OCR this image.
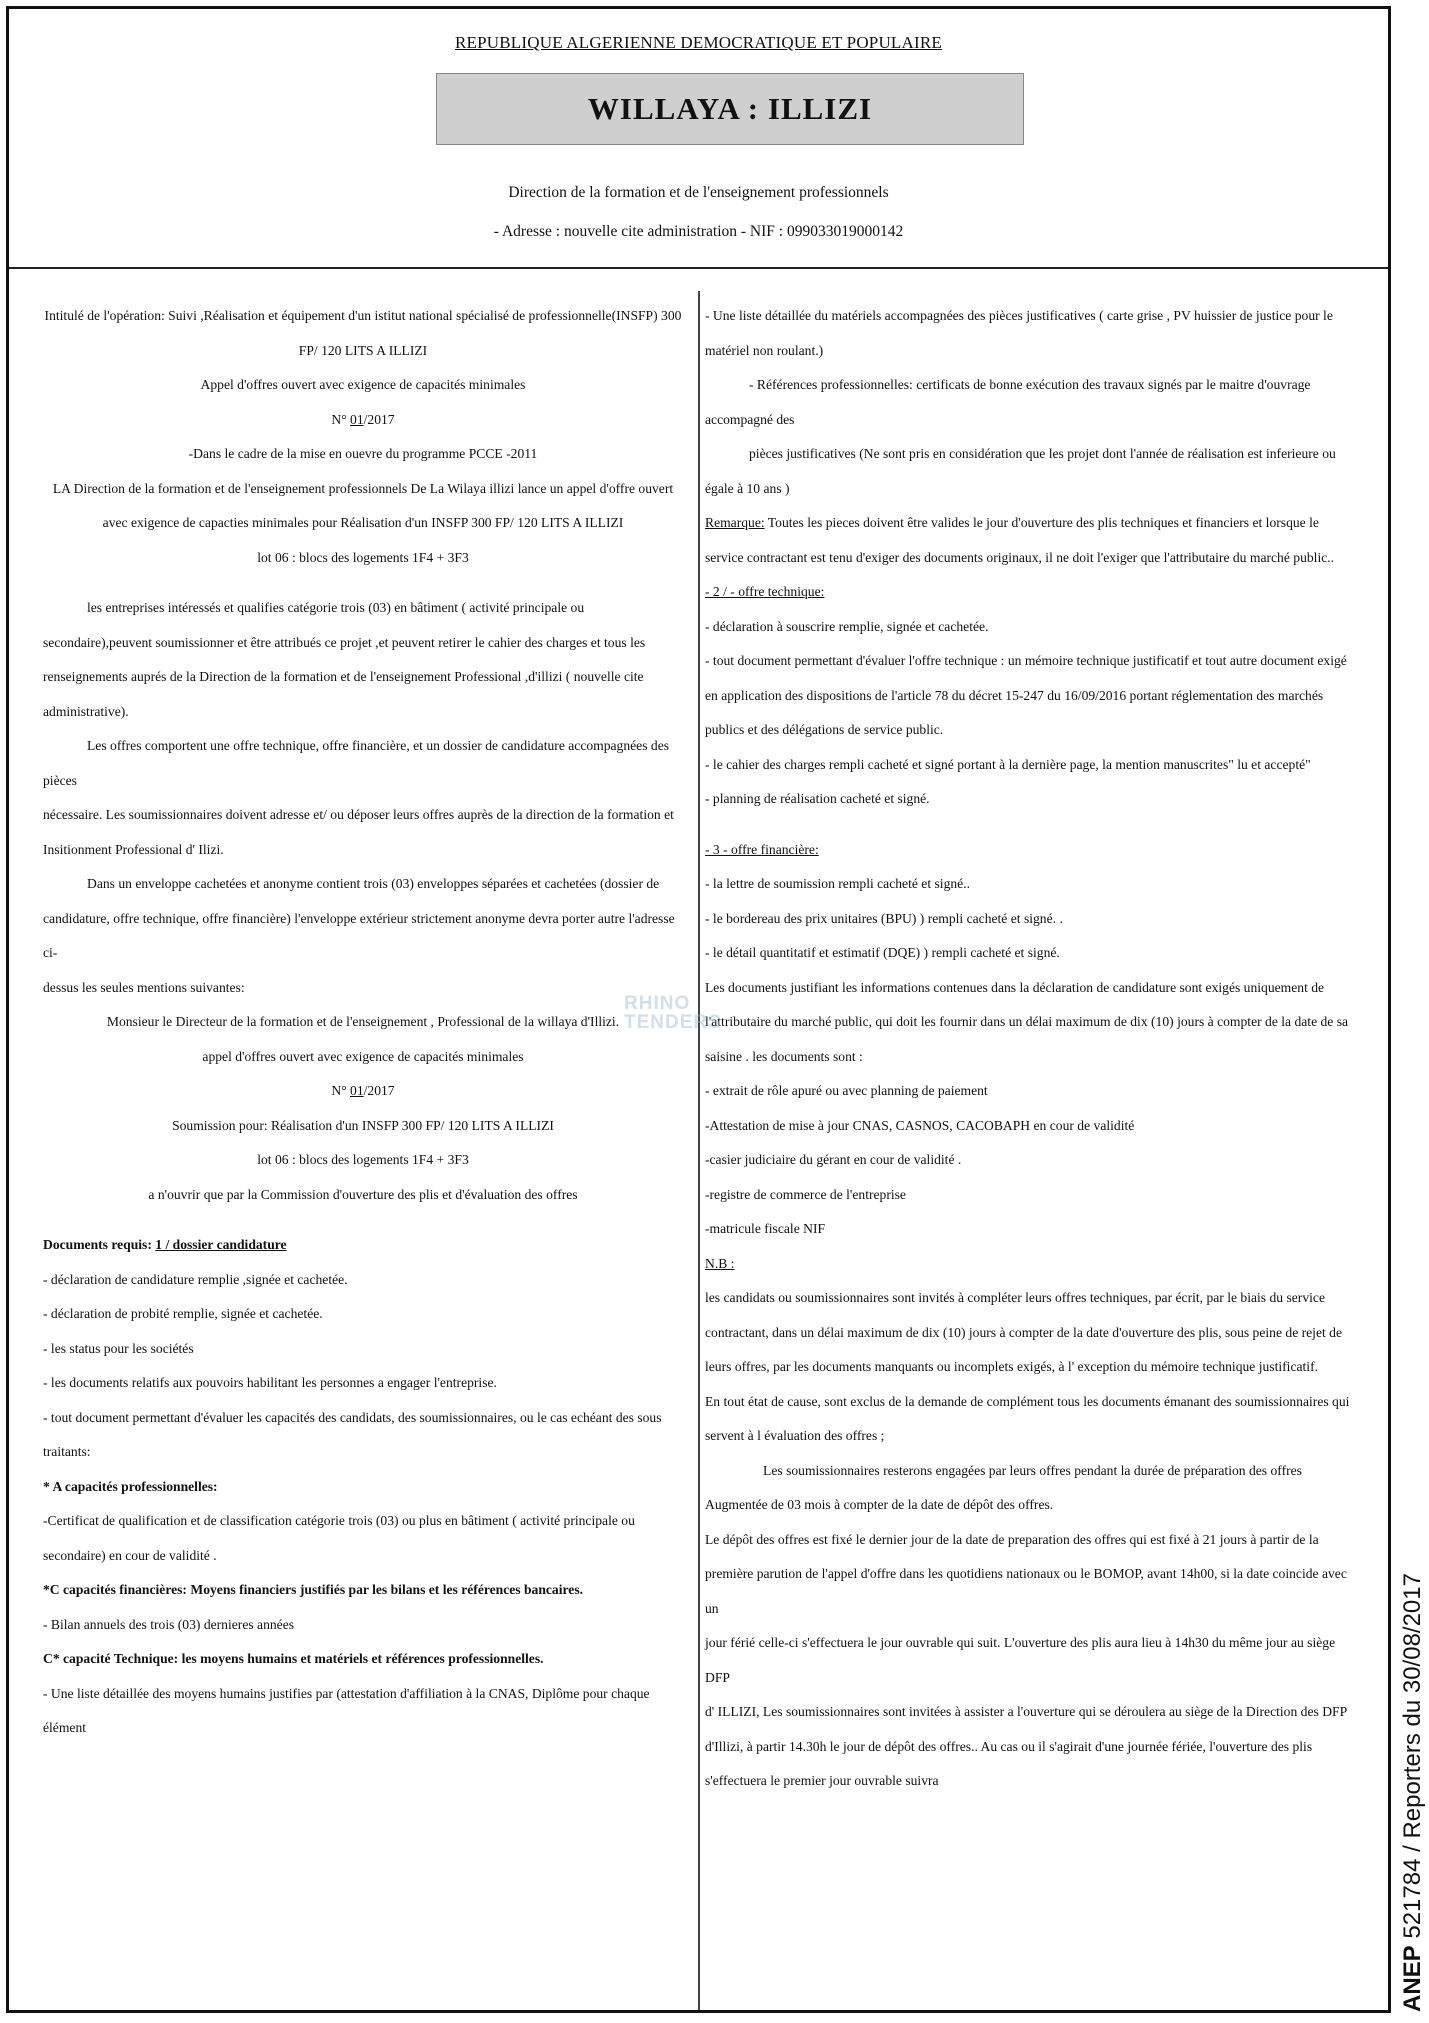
REPUBLIQUE ALGERIENNE DEMOCRATIQUE ET POPULAIRE
WILLAYA : ILLIZI
Direction de la formation et de l'enseignement professionnels
- Adresse : nouvelle cite administration - NIF : 099033019000142

Intitulé de l'opération: Suivi ,Réalisation et équipement d'un istitut national spécialisé de professionnelle(INSFP) 300

FP/ 120 LITS A ILLIZI

Appel d'offres ouvert avec exigence de capacités minimales

N° 01/2017

-Dans le cadre de la mise en ouevre du programme PCCE -2011

LA Direction de la formation et de l'enseignement professionnels De La Wilaya illizi lance un appel d'offre ouvert

avec exigence de capacties minimales pour Réalisation d'un INSFP 300 FP/ 120 LITS A ILLIZI

lot 06 : blocs des logements 1F4 + 3F3

les entreprises intéressés et qualifies catégorie trois (03) en bâtiment ( activité principale ou

secondaire),peuvent soumissionner et être attribués ce projet ,et peuvent retirer le cahier des charges et tous les

renseignements auprés de la Direction de la formation et de l'enseignement Professional ,d'illizi ( nouvelle cite

administrative).

Les offres comportent une offre technique, offre financière, et un dossier de candidature accompagnées des pièces

nécessaire. Les soumissionnaires doivent adresse et/ ou déposer leurs offres auprès de la direction de la formation et

Insitionment Professional d' Ilizi.

Dans un enveloppe cachetées et anonyme contient trois (03) enveloppes séparées et cachetées (dossier de

candidature, offre technique, offre financière) l'enveloppe extérieur strictement anonyme devra porter autre l'adresse ci-

dessus les seules mentions suivantes:

Monsieur le Directeur de la formation et de l'enseignement , Professional de la willaya d'Illizi.

appel d'offres ouvert avec exigence de capacités minimales

N° 01/2017

Soumission pour: Réalisation d'un INSFP 300 FP/ 120 LITS A ILLIZI

lot 06 : blocs des logements 1F4 + 3F3

a n'ouvrir que par la Commission d'ouverture des plis et d'évaluation des offres

Documents requis: 1 / dossier candidature

- déclaration de candidature remplie ,signée et cachetée.

- déclaration de probité remplie, signée et cachetée.

- les status pour les sociétés

- les documents relatifs aux pouvoirs habilitant les personnes a engager l'entreprise.

- tout document permettant d'évaluer les capacités des candidats, des soumissionnaires, ou le cas echéant des sous

traitants:

* A capacités professionnelles:

-Certificat de qualification et de classification catégorie trois (03) ou plus en bâtiment ( activité principale ou

secondaire) en cour de validité .

*C capacités financières: Moyens financiers justifiés par les bilans et les références bancaires.

- Bilan annuels des trois (03) dernieres années

C* capacité Technique: les moyens humains et matériels et références professionnelles.

- Une liste détaillée des moyens humains justifies par (attestation d'affiliation à la CNAS, Diplôme pour chaque élément

- Une liste détaillée du matériels accompagnées des pièces justificatives ( carte grise , PV huissier de justice pour le

matériel non roulant.)

- Références professionnelles: certificats de bonne exécution des travaux signés par le maitre d'ouvrage accompagné des

pièces justificatives (Ne sont pris en considération que les projet dont l'année de réalisation est inferieure ou égale à 10 ans )

Remarque: Toutes les pieces doivent être valides le jour d'ouverture des plis techniques et financiers et lorsque le

service contractant est tenu d'exiger des documents originaux, il ne doit l'exiger que l'attributaire du marché public..

- 2 / - offre technique:

- déclaration à souscrire remplie, signée et cachetée.

- tout document permettant d'évaluer l'offre technique : un mémoire technique justificatif et tout autre document exigé

en application des dispositions de l'article 78 du décret 15-247 du 16/09/2016 portant réglementation des marchés

publics et des délégations de service public.

- le cahier des charges rempli cacheté et signé portant à la dernière page, la mention manuscrites" lu et accepté"

- planning de réalisation cacheté et signé.

- 3 - offre financière:

- la lettre de soumission rempli cacheté et signé..

- le bordereau des prix unitaires (BPU) ) rempli cacheté et signé. .

- le détail quantitatif et estimatif (DQE) ) rempli cacheté et signé.

Les documents justifiant les informations contenues dans la déclaration de candidature sont exigés uniquement de

l'attributaire du marché public, qui doit les fournir dans un délai maximum de dix (10) jours à compter de la date de sa

saisine . les documents sont :

- extrait de rôle apuré ou avec planning de paiement

-Attestation de mise à jour CNAS, CASNOS, CACOBAPH en cour de validité

-casier judiciaire du gérant en cour de validité .

-registre de commerce de l'entreprise

-matricule fiscale NIF

N.B :

les candidats ou soumissionnaires sont invités à compléter leurs offres techniques, par écrit, par le biais du service

contractant, dans un délai maximum de dix (10) jours à compter de la date d'ouverture des plis, sous peine de rejet de

leurs offres, par les documents manquants ou incomplets exigés, à l' exception du mémoire technique justificatif.

En tout état de cause, sont exclus de la demande de complément tous les documents émanant des soumissionnaires qui

servent à l évaluation des offres ;

Les soumissionnaires resterons engagées par leurs offres pendant la durée de préparation des offres

Augmentée de 03 mois à compter de la date de dépôt des offres.

Le dépôt des offres est fixé le dernier jour de la date de preparation des offres qui est fixé à 21 jours à partir de la

première parution de l'appel d'offre dans les quotidiens nationaux ou le BOMOP, avant 14h00, si la date coincide avec un

jour férié celle-ci s'effectuera le jour ouvrable qui suit. L'ouverture des plis aura lieu à 14h30 du même jour au siège DFP

d' ILLIZI, Les soumissionnaires sont invitées à assister a l'ouverture qui se déroulera au siège de la Direction des DFP

d'Illizi, à partir 14.30h le jour de dépôt des offres.. Au cas ou il s'agirait d'une journée fériée, l'ouverture des plis

s'effectuera le premier jour ouvrable suivra

RHINO
TENDERS
ANEP 521784 / Reporters du 30/08/2017
